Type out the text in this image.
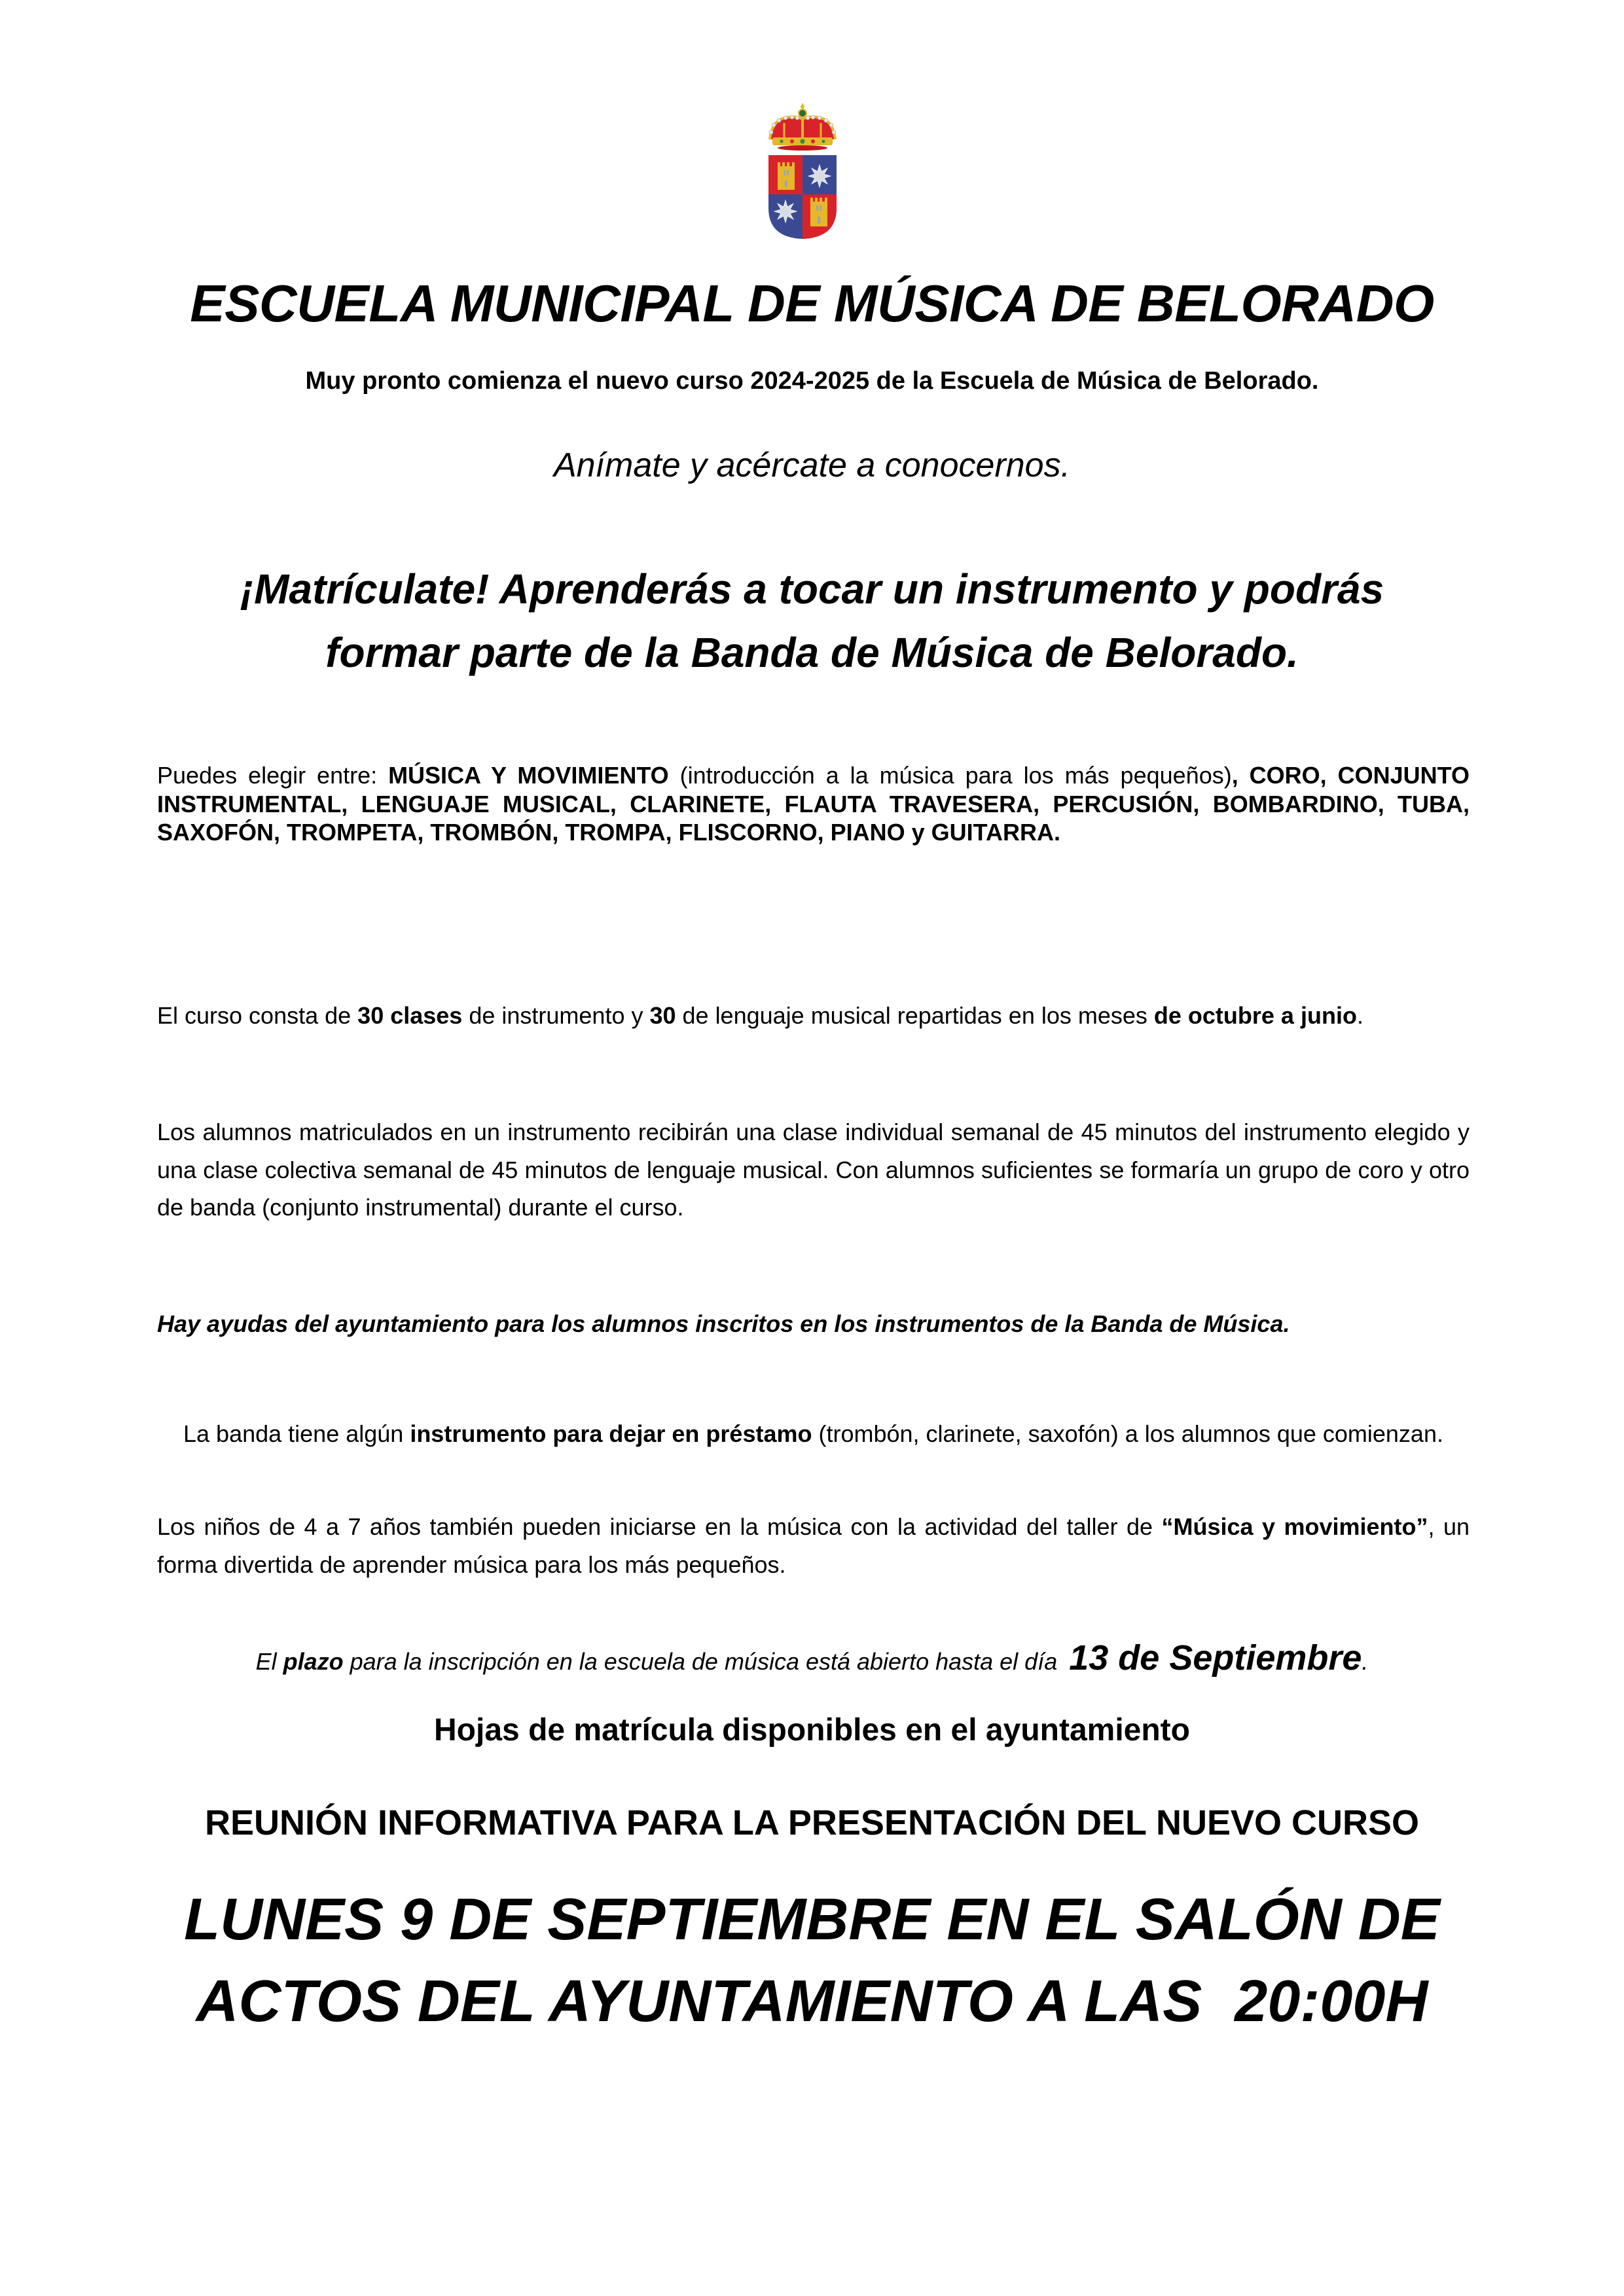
ESCUELA MUNICIPAL DE MÚSICA DE BELORADO
Muy pronto comienza el nuevo curso 2024-2025 de la Escuela de Música de Belorado.
Anímate y acércate a conocernos.
¡Matrículate! Aprenderás a tocar un instrumento y podrás
formar parte de la Banda de Música de Belorado.
Puedes elegir entre: MÚSICA Y MOVIMIENTO (introducción a la música para los más pequeños), CORO, CONJUNTO INSTRUMENTAL, LENGUAJE MUSICAL, CLARINETE, FLAUTA TRAVESERA, PERCUSIÓN, BOMBARDINO, TUBA, SAXOFÓN, TROMPETA, TROMBÓN, TROMPA, FLISCORNO, PIANO y GUITARRA.
El curso consta de 30 clases de instrumento y 30 de lenguaje musical repartidas en los meses de octubre a junio.
Los alumnos matriculados en un instrumento recibirán una clase individual semanal de 45 minutos del instrumento elegido y una clase colectiva semanal de 45 minutos de lenguaje musical. Con alumnos suficientes se formaría un grupo de coro y otro de banda (conjunto instrumental) durante el curso.
Hay ayudas del ayuntamiento para los alumnos inscritos en los instrumentos de la Banda de Música.
La banda tiene algún instrumento para dejar en préstamo (trombón, clarinete, saxofón) a los alumnos que comienzan.
Los niños de 4 a 7 años también pueden iniciarse en la música con la actividad del taller de “Música y movimiento”, un forma divertida de aprender música para los más pequeños.
El plazo para la inscripción en la escuela de música está abierto hasta el día 13 de Septiembre.
Hojas de matrícula disponibles en el ayuntamiento
REUNIÓN INFORMATIVA PARA LA PRESENTACIÓN DEL NUEVO CURSO
LUNES 9 DE SEPTIEMBRE EN EL SALÓN DE
ACTOS DEL AYUNTAMIENTO A LAS  20:00H
